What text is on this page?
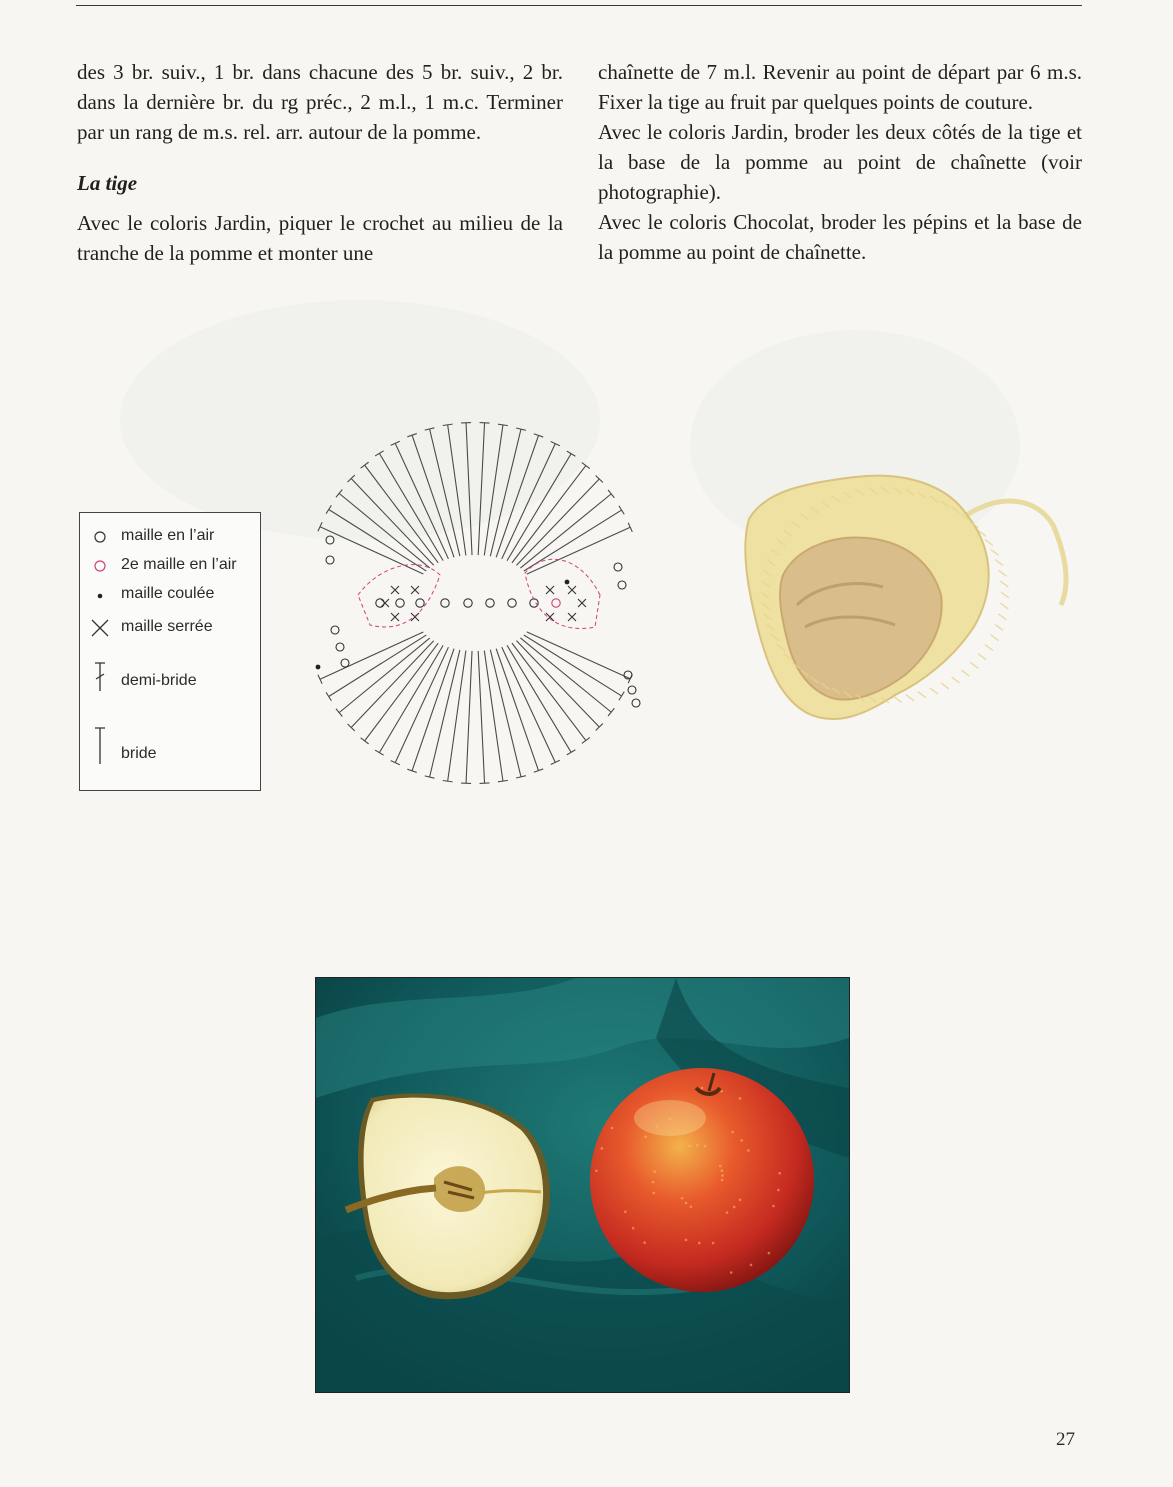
des 3 br. suiv., 1 br. dans chacune des 5 br. suiv., 2 br. dans la dernière br. du rg préc., 2 m.l., 1 m.c. Terminer par un rang de m.s. rel. arr. autour de la pomme.

La tige

Avec le coloris Jardin, piquer le crochet au milieu de la tranche de la pomme et monter une

chaînette de 7 m.l. Revenir au point de départ par 6 m.s. Fixer la tige au fruit par quelques points de couture.

Avec le coloris Jardin, broder les deux côtés de la tige et la base de la pomme au point de chaînette (voir photographie).

Avec le coloris Chocolat, broder les pépins et la base de la pomme au point de chaînette.

maille en l’air
2e maille en l’air
maille coulée
maille serrée
demi-bride
bride
27
